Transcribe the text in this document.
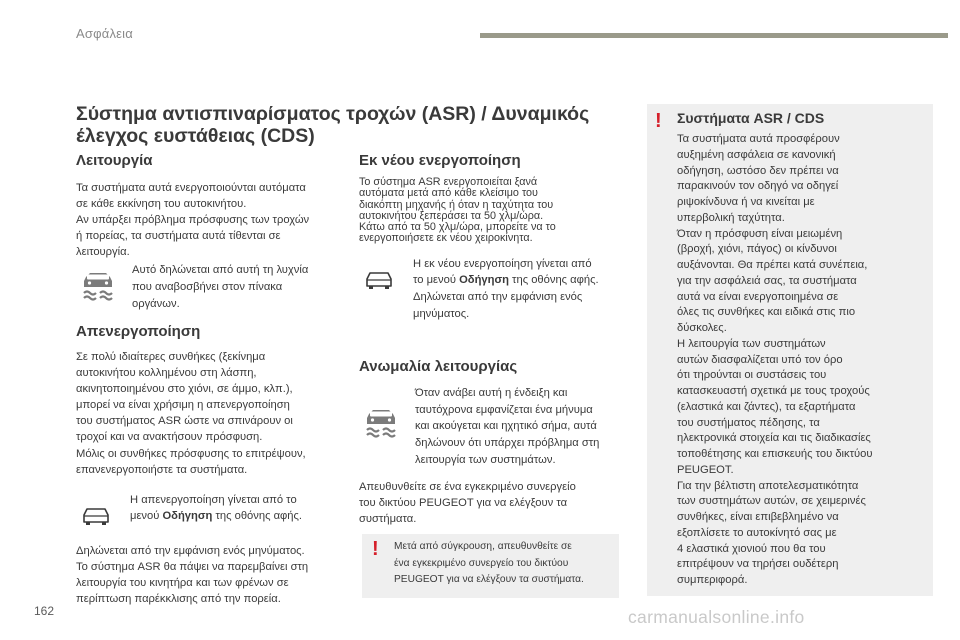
Ασφάλεια
Σύστημα αντισπιναρίσματος τροχών (ASR) / Δυναμικός έλεγχος ευστάθειας (CDS)
Λειτουργία

Τα συστήματα αυτά ενεργοποιούνται αυτόματα
σε κάθε εκκίνηση του αυτοκινήτου.
Αν υπάρξει πρόβλημα πρόσφυσης των τροχών
ή πορείας, τα συστήματα αυτά τίθενται σε
λειτουργία.

Αυτό δηλώνεται από αυτή τη λυχνία
που αναβοσβήνει στον πίνακα
οργάνων.
Απενεργοποίηση

Σε πολύ ιδιαίτερες συνθήκες (ξεκίνημα
αυτοκινήτου κολλημένου στη λάσπη,
ακινητοποιημένου στο χιόνι, σε άμμο, κλπ.),
μπορεί να είναι χρήσιμη η απενεργοποίηση
του συστήματος ASR ώστε να σπινάρουν οι
τροχοί και να ανακτήσουν πρόσφυση.
Μόλις οι συνθήκες πρόσφυσης το επιτρέψουν,
επανενεργοποιήστε τα συστήματα.

Η απενεργοποίηση γίνεται από το
μενού Οδήγηση της οθόνης αφής.

Δηλώνεται από την εμφάνιση ενός μηνύματος.
Το σύστημα ASR θα πάψει να παρεμβαίνει στη
λειτουργία του κινητήρα και των φρένων σε
περίπτωση παρέκκλισης από την πορεία.

Εκ νέου ενεργοποίηση

Το σύστημα ASR ενεργοποιείται ξανά
αυτόματα μετά από κάθε κλείσιμο του
διακόπτη μηχανής ή όταν η ταχύτητα του
αυτοκινήτου ξεπεράσει τα 50 χλμ/ώρα.
Κάτω από τα 50 χλμ/ώρα, μπορείτε να το
ενεργοποιήσετε εκ νέου χειροκίνητα.

Η εκ νέου ενεργοποίηση γίνεται από
το μενού Οδήγηση της οθόνης αφής.
Δηλώνεται από την εμφάνιση ενός
μηνύματος.
Ανωμαλία λειτουργίας
Όταν ανάβει αυτή η ένδειξη και
ταυτόχρονα εμφανίζεται ένα μήνυμα
και ακούγεται και ηχητικό σήμα, αυτά
δηλώνουν ότι υπάρχει πρόβλημα στη
λειτουργία των συστημάτων.

Απευθυνθείτε σε ένα εγκεκριμένο συνεργείο
του δικτύου PEUGEOT για να ελέγξουν τα
συστήματα.

! Μετά από σύγκρουση, απευθυνθείτε σε
ένα εγκεκριμένο συνεργείο του δικτύου
PEUGEOT για να ελέγξουν τα συστήματα.

! Συστήματα ASR / CDS

Τα συστήματα αυτά προσφέρουν
αυξημένη ασφάλεια σε κανονική
οδήγηση, ωστόσο δεν πρέπει να
παρακινούν τον οδηγό να οδηγεί
ριψοκίνδυνα ή να κινείται με
υπερβολική ταχύτητα.
Όταν η πρόσφυση είναι μειωμένη
(βροχή, χιόνι, πάγος) οι κίνδυνοι
αυξάνονται. Θα πρέπει κατά συνέπεια,
για την ασφάλειά σας, τα συστήματα
αυτά να είναι ενεργοποιημένα σε
όλες τις συνθήκες και ειδικά στις πιο
δύσκολες.
Η λειτουργία των συστημάτων
αυτών διασφαλίζεται υπό τον όρο
ότι τηρούνται οι συστάσεις του
κατασκευαστή σχετικά με τους τροχούς
(ελαστικά και ζάντες), τα εξαρτήματα
του συστήματος πέδησης, τα
ηλεκτρονικά στοιχεία και τις διαδικασίες
τοποθέτησης και επισκευής του δικτύου
PEUGEOT.
Για την βέλτιστη αποτελεσματικότητα
των συστημάτων αυτών, σε χειμερινές
συνθήκες, είναι επιβεβλημένο να
εξοπλίσετε το αυτοκίνητό σας με
4 ελαστικά χιονιού που θα του
επιτρέψουν να τηρήσει ουδέτερη
συμπεριφορά.

162	carmanualsonline.info
